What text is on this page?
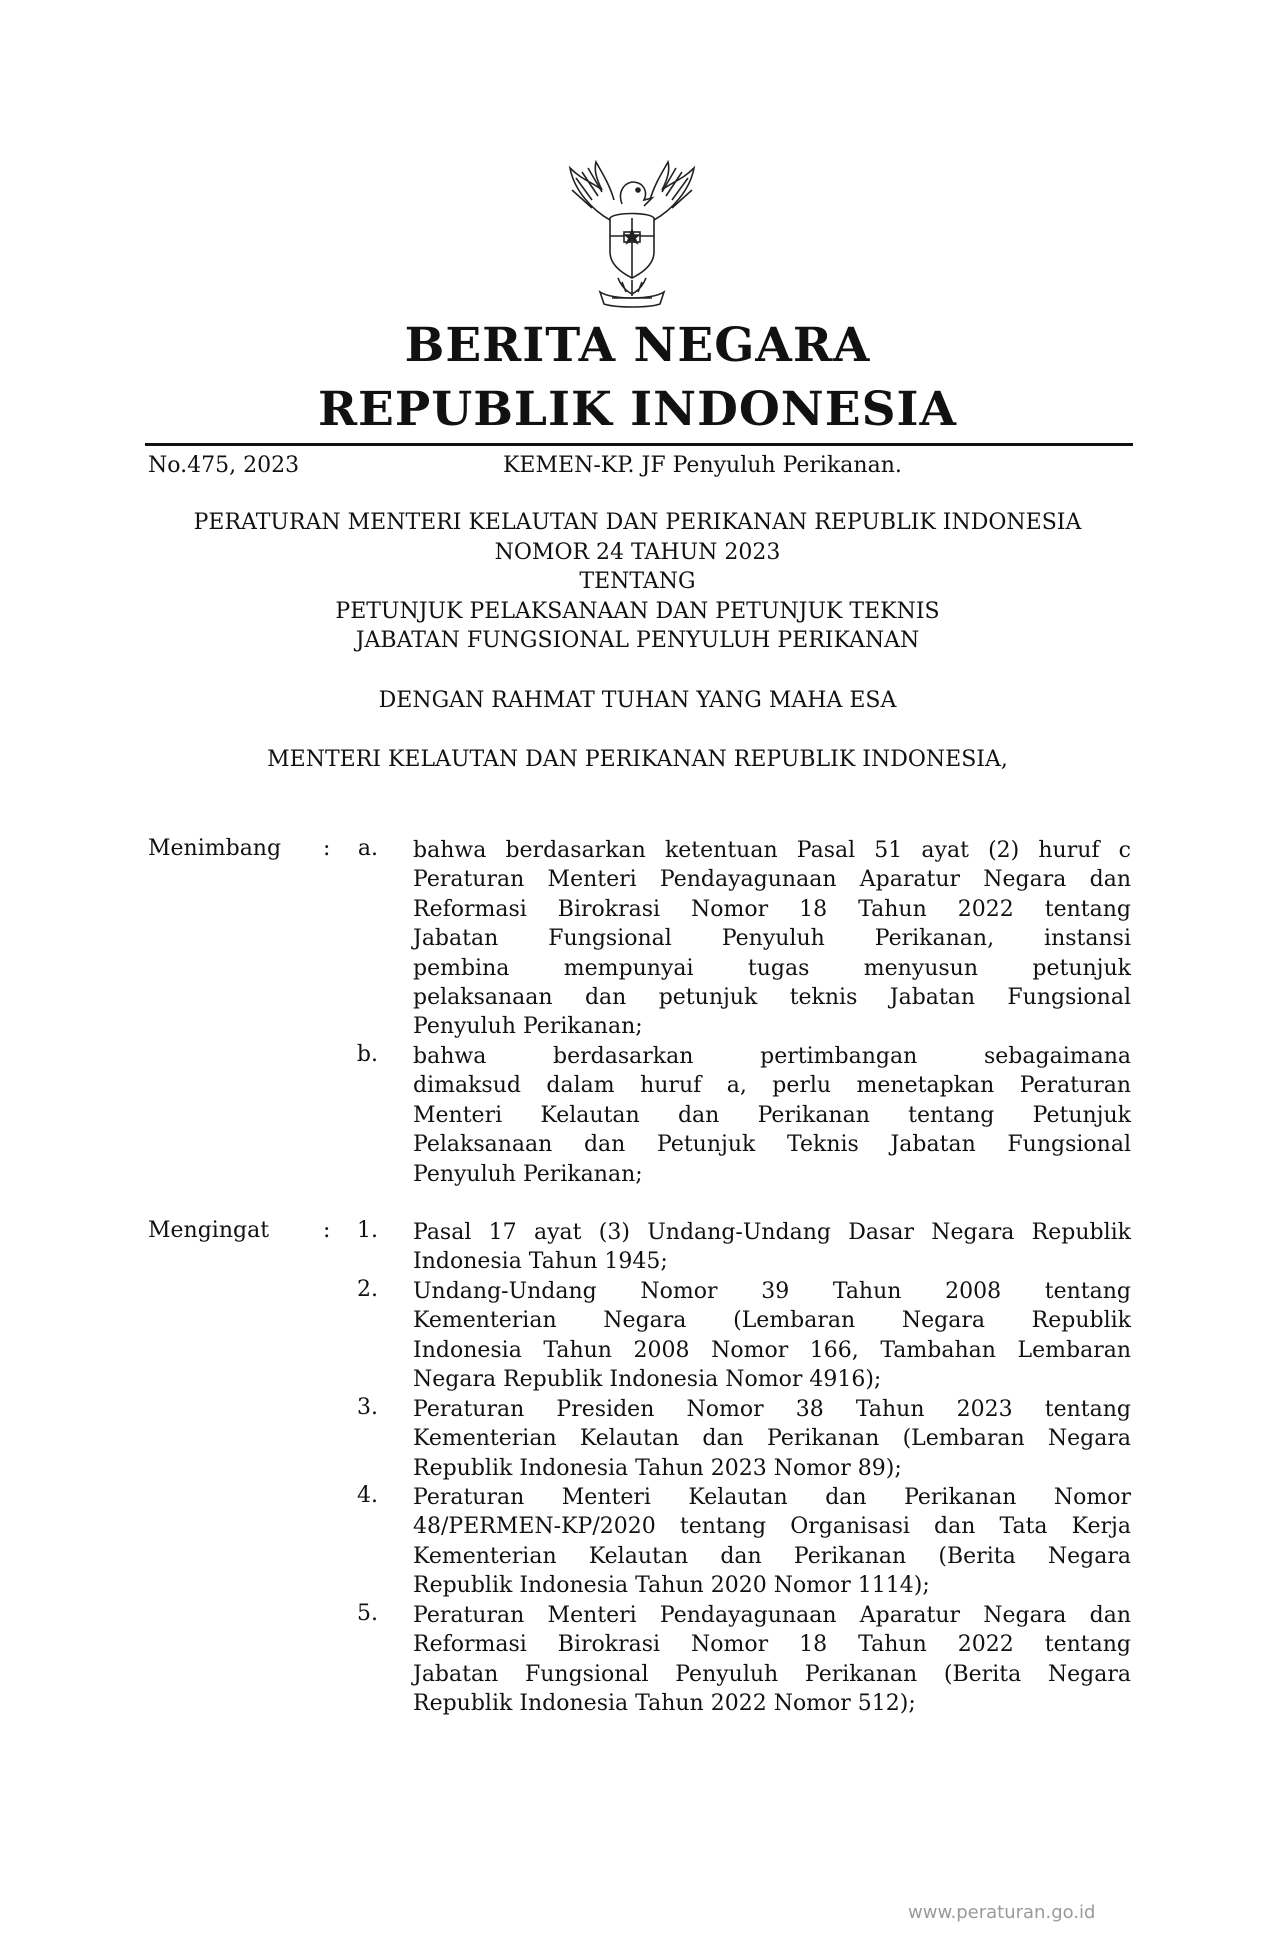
BERITA NEGARA
REPUBLIK INDONESIA
No.475, 2023	KEMEN-KP. JF Penyuluh Perikanan.
PERATURAN MENTERI KELAUTAN DAN PERIKANAN REPUBLIK INDONESIA
NOMOR 24 TAHUN 2023
TENTANG
PETUNJUK PELAKSANAAN DAN PETUNJUK TEKNIS
JABATAN FUNGSIONAL PENYULUH PERIKANAN
DENGAN RAHMAT TUHAN YANG MAHA ESA
MENTERI KELAUTAN DAN PERIKANAN REPUBLIK INDONESIA,
Menimbang :	a. bahwa berdasarkan ketentuan Pasal 51 ayat (2) huruf c
Peraturan Menteri Pendayagunaan Aparatur Negara dan
Reformasi Birokrasi Nomor 18 Tahun 2022 tentang
Jabatan Fungsional Penyuluh Perikanan, instansi
pembina mempunyai tugas menyusun petunjuk
pelaksanaan dan petunjuk teknis Jabatan Fungsional
Penyuluh Perikanan;
b. bahwa berdasarkan pertimbangan sebagaimana
dimaksud dalam huruf a, perlu menetapkan Peraturan
Menteri Kelautan dan Perikanan tentang Petunjuk
Pelaksanaan dan Petunjuk Teknis Jabatan Fungsional
Penyuluh Perikanan;
Mengingat :	1. Pasal 17 ayat (3) Undang-Undang Dasar Negara Republik
Indonesia Tahun 1945;
2. Undang-Undang Nomor 39 Tahun 2008 tentang
Kementerian Negara (Lembaran Negara Republik
Indonesia Tahun 2008 Nomor 166, Tambahan Lembaran
Negara Republik Indonesia Nomor 4916);
3. Peraturan Presiden Nomor 38 Tahun 2023 tentang
Kementerian Kelautan dan Perikanan (Lembaran Negara
Republik Indonesia Tahun 2023 Nomor 89);
4. Peraturan Menteri Kelautan dan Perikanan Nomor
48/PERMEN-KP/2020 tentang Organisasi dan Tata Kerja
Kementerian Kelautan dan Perikanan (Berita Negara
Republik Indonesia Tahun 2020 Nomor 1114);
5. Peraturan Menteri Pendayagunaan Aparatur Negara dan
Reformasi Birokrasi Nomor 18 Tahun 2022 tentang
Jabatan Fungsional Penyuluh Perikanan (Berita Negara
Republik Indonesia Tahun 2022 Nomor 512);
www.peraturan.go.id
